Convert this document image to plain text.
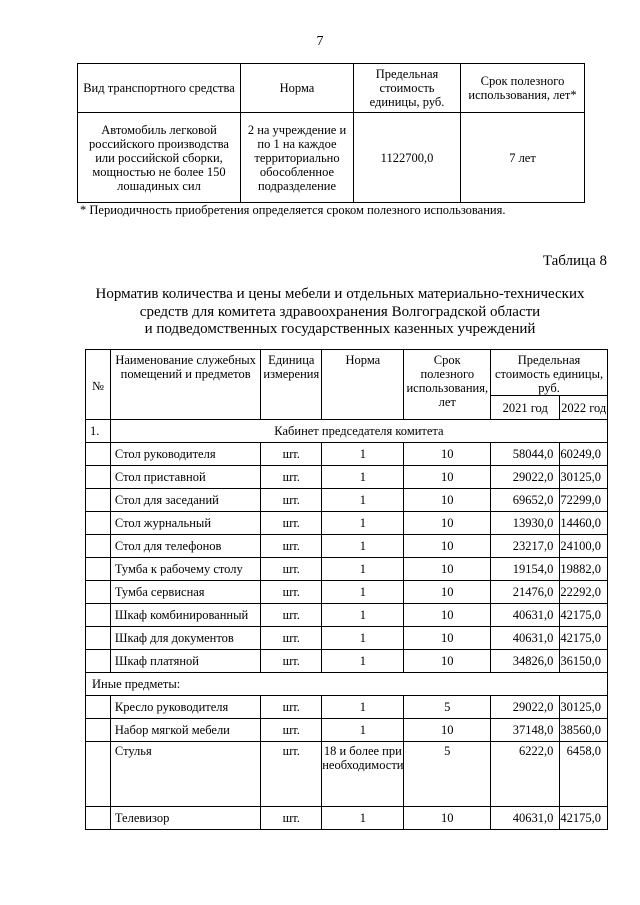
7
Вид транспортного средства	Норма	Предельная стоимость единицы, руб.	Срок полезного использования, лет*
Автомобиль легковой российского производства или российской сборки, мощностью не более 150 лошадиных сил	2 на учреждение и по 1 на каждое территориально обособленное подразделение	1122700,0	7 лет
* Периодичность приобретения определяется сроком полезного использования.
Таблица 8
Норматив количества и цены мебели и отдельных материально-технических
средств для комитета здравоохранения Волгоградской области
и подведомственных государственных казенных учреждений
№	Наименование служебных помещений и предметов	Единица измерения	Норма	Срок полезного использования, лет	Предельная стоимость единицы, руб.	
					2021 год	2022 год
1.	Кабинет председателя комитета					
	Стол руководителя	шт.	1	10	58044,0	60249,0
	Стол приставной	шт.	1	10	29022,0	30125,0
	Стол для заседаний	шт.	1	10	69652,0	72299,0
	Стол журнальный	шт.	1	10	13930,0	14460,0
	Стол для телефонов	шт.	1	10	23217,0	24100,0
	Тумба к рабочему столу	шт.	1	10	19154,0	19882,0
	Тумба сервисная	шт.	1	10	21476,0	22292,0
	Шкаф комбинированный	шт.	1	10	40631,0	42175,0
	Шкаф для документов	шт.	1	10	40631,0	42175,0
	Шкаф платяной	шт.	1	10	34826,0	36150,0
Иные предметы:						
	Кресло руководителя	шт.	1	5	29022,0	30125,0
	Набор мягкой мебели	шт.	1	10	37148,0	38560,0
	Стулья	шт.	18 и более при необходимости	5	6222,0	6458,0
	Телевизор	шт.	1	10	40631,0	42175,0
